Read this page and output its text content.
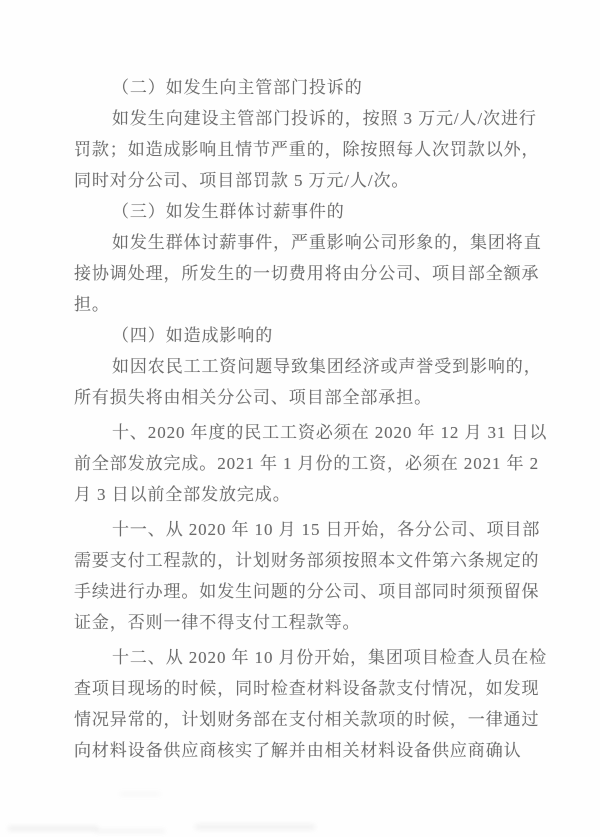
（二）如发生向主管部门投诉的
如发生向建设主管部门投诉的，按照 3 万元/人/次进行
罚款；如造成影响且情节严重的，除按照每人次罚款以外，
同时对分公司、项目部罚款 5 万元/人/次。
（三）如发生群体讨薪事件的
如发生群体讨薪事件，严重影响公司形象的，集团将直
接协调处理，所发生的一切费用将由分公司、项目部全额承
担。
（四）如造成影响的
如因农民工工资问题导致集团经济或声誉受到影响的，
所有损失将由相关分公司、项目部全部承担。
十、2020 年度的民工工资必须在 2020 年 12 月 31 日以
前全部发放完成。2021 年 1 月份的工资，必须在 2021 年 2
月 3 日以前全部发放完成。
十一、从 2020 年 10 月 15 日开始，各分公司、项目部
需要支付工程款的，计划财务部须按照本文件第六条规定的
手续进行办理。如发生问题的分公司、项目部同时须预留保
证金，否则一律不得支付工程款等。
十二、从 2020 年 10 月份开始，集团项目检查人员在检
查项目现场的时候，同时检查材料设备款支付情况，如发现
情况异常的，计划财务部在支付相关款项的时候，一律通过
向材料设备供应商核实了解并由相关材料设备供应商确认
